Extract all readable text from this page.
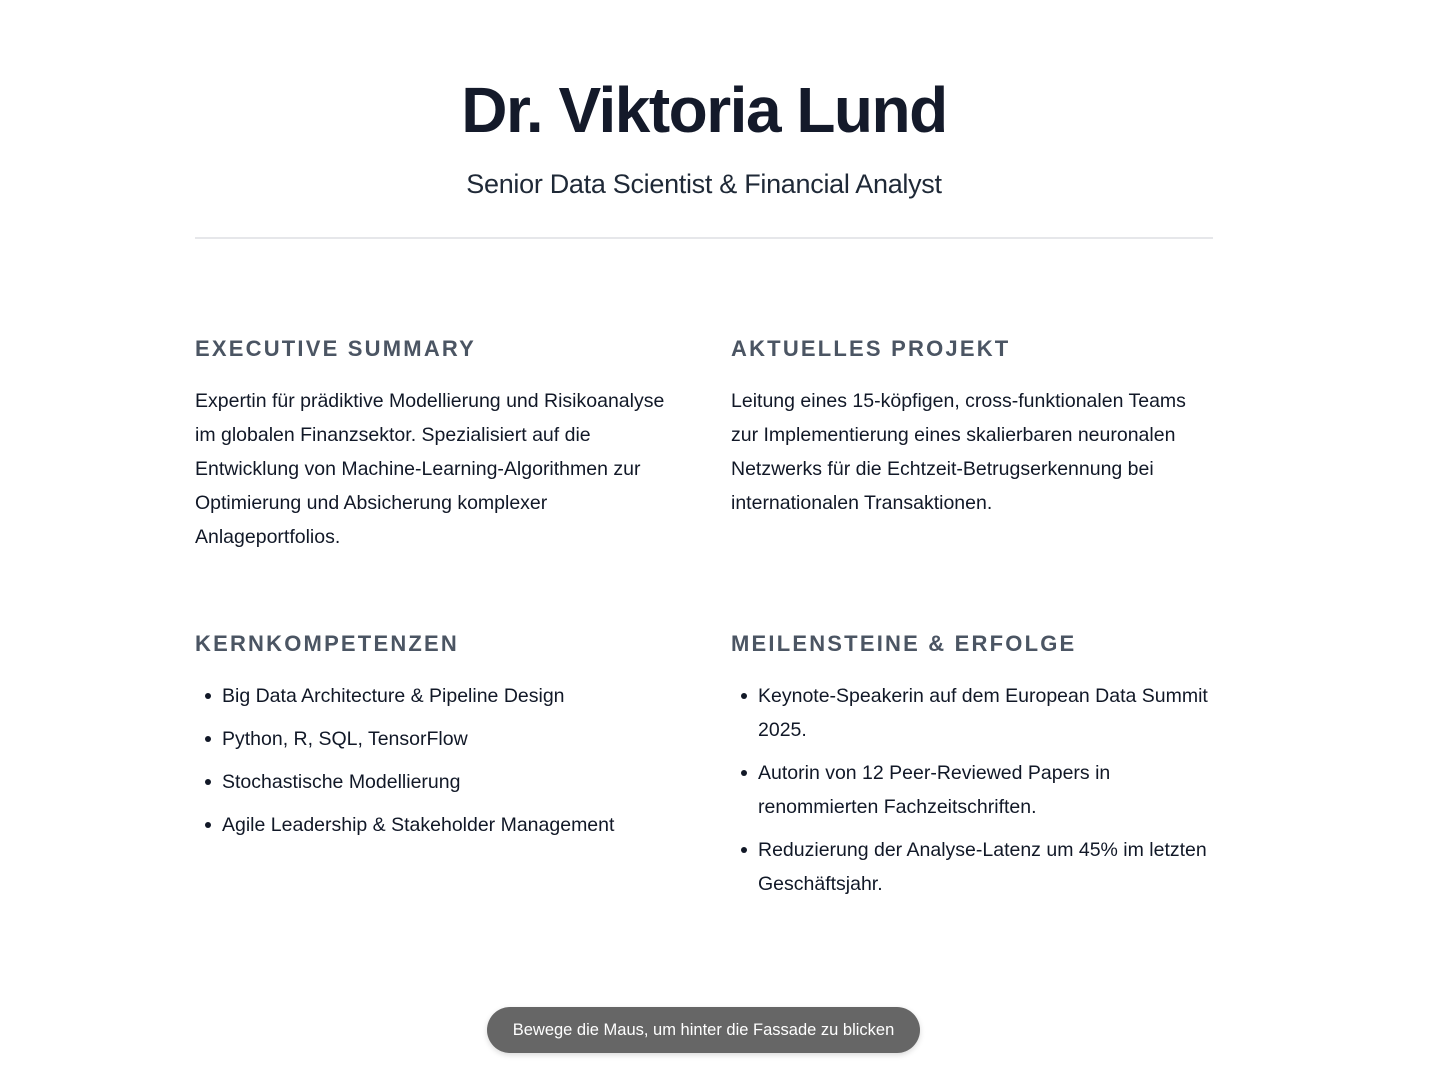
Dr. Viktoria Lund

Senior Data Scientist & Financial Analyst

EXECUTIVE SUMMARY

Expertin für prädiktive Modellierung und Risikoanalyse im globalen Finanzsektor. Spezialisiert auf die Entwicklung von Machine-Learning-Algorithmen zur Optimierung und Absicherung komplexer Anlageportfolios.

AKTUELLES PROJEKT

Leitung eines 15-köpfigen, cross-funktionalen Teams zur Implementierung eines skalierbaren neuronalen Netzwerks für die Echtzeit-Betrugserkennung bei internationalen Transaktionen.

KERNKOMPETENZEN
Big Data Architecture & Pipeline Design
Python, R, SQL, TensorFlow
Stochastische Modellierung
Agile Leadership & Stakeholder Management
MEILENSTEINE & ERFOLGE
Keynote-Speakerin auf dem European Data Summit 2025.
Autorin von 12 Peer-Reviewed Papers in renommierten Fachzeitschriften.
Reduzierung der Analyse-Latenz um 45% im letzten Geschäftsjahr.
Bewege die Maus, um hinter die Fassade zu blicken
